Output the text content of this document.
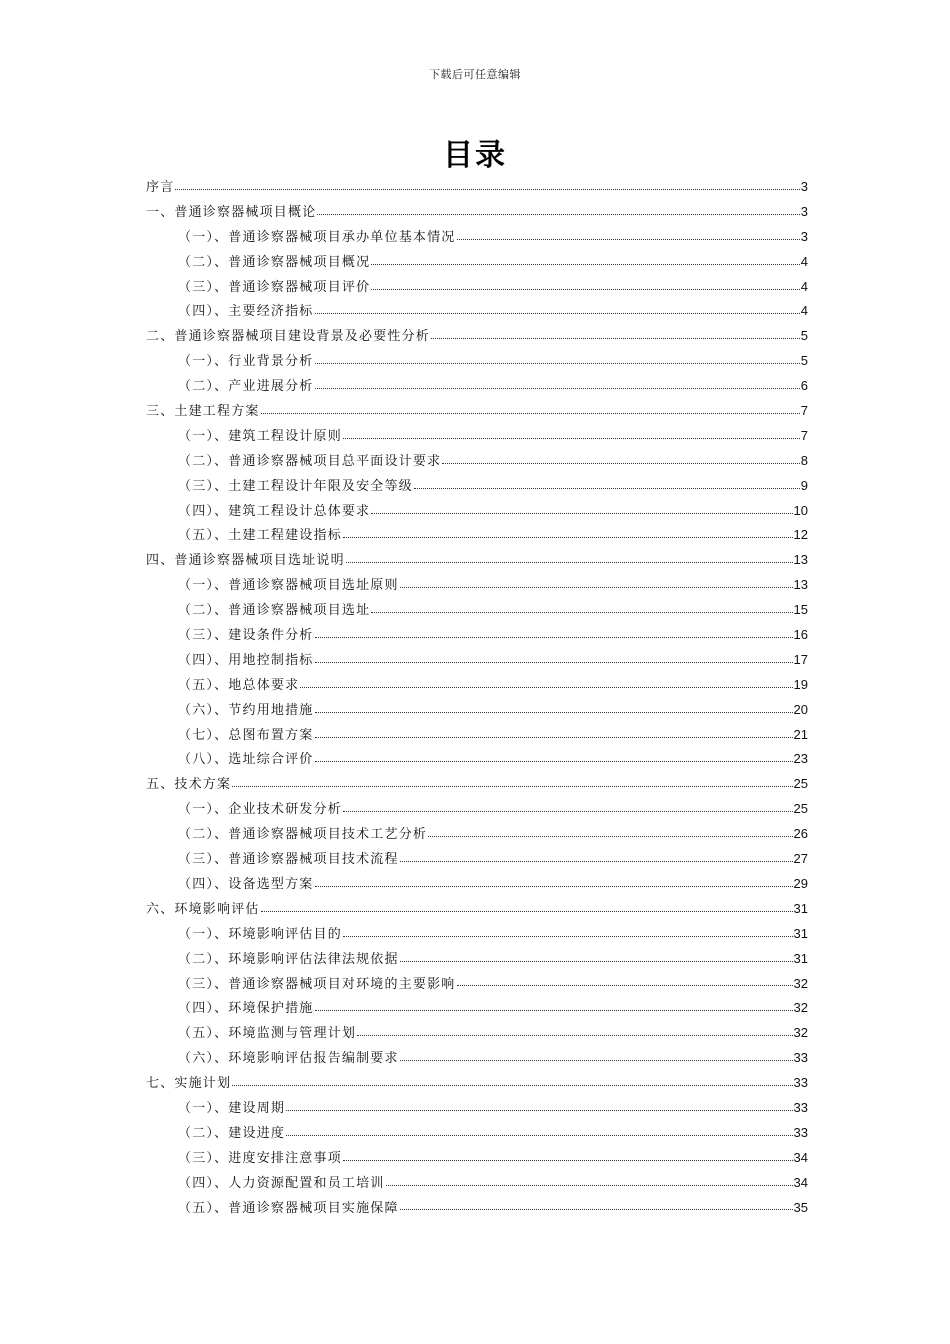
下载后可任意编辑
目录
序言	3
一、普通诊察器械项目概论	3
（一）、普通诊察器械项目承办单位基本情况	3
（二）、普通诊察器械项目概况	4
（三）、普通诊察器械项目评价	4
（四）、主要经济指标	4
二、普通诊察器械项目建设背景及必要性分析	5
（一）、行业背景分析	5
（二）、产业进展分析	6
三、土建工程方案	7
（一）、建筑工程设计原则	7
（二）、普通诊察器械项目总平面设计要求	8
（三）、土建工程设计年限及安全等级	9
（四）、建筑工程设计总体要求	10
（五）、土建工程建设指标	12
四、普通诊察器械项目选址说明	13
（一）、普通诊察器械项目选址原则	13
（二）、普通诊察器械项目选址	15
（三）、建设条件分析	16
（四）、用地控制指标	17
（五）、地总体要求	19
（六）、节约用地措施	20
（七）、总图布置方案	21
（八）、选址综合评价	23
五、技术方案	25
（一）、企业技术研发分析	25
（二）、普通诊察器械项目技术工艺分析	26
（三）、普通诊察器械项目技术流程	27
（四）、设备选型方案	29
六、环境影响评估	31
（一）、环境影响评估目的	31
（二）、环境影响评估法律法规依据	31
（三）、普通诊察器械项目对环境的主要影响	32
（四）、环境保护措施	32
（五）、环境监测与管理计划	32
（六）、环境影响评估报告编制要求	33
七、实施计划	33
（一）、建设周期	33
（二）、建设进度	33
（三）、进度安排注意事项	34
（四）、人力资源配置和员工培训	34
（五）、普通诊察器械项目实施保障	35
